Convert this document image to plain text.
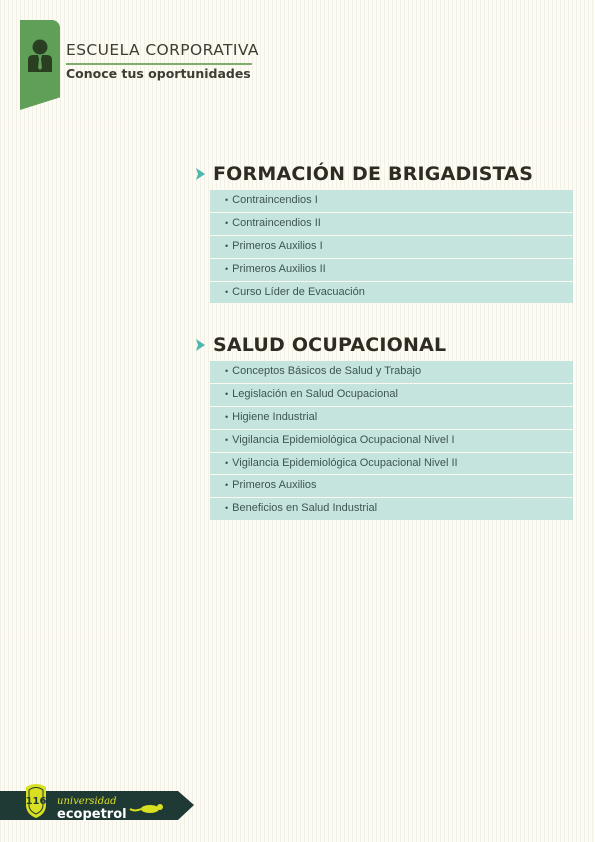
ESCUELA CORPORATIVA
Conoce tus oportunidades
FORMACIÓN DE BRIGADISTAS
• Contraincendios I
• Contraincendios II
• Primeros Auxilios I
• Primeros Auxilios II
• Curso Líder de Evacuación
SALUD OCUPACIONAL
• Conceptos Básicos de Salud y Trabajo
• Legislación en Salud Ocupacional
• Higiene Industrial
• Vigilancia Epidemiológica Ocupacional Nivel I
• Vigilancia Epidemiológica Ocupacional Nivel II
• Primeros Auxilios
• Beneficios en Salud Industrial
116 universidad
ecopetrol
